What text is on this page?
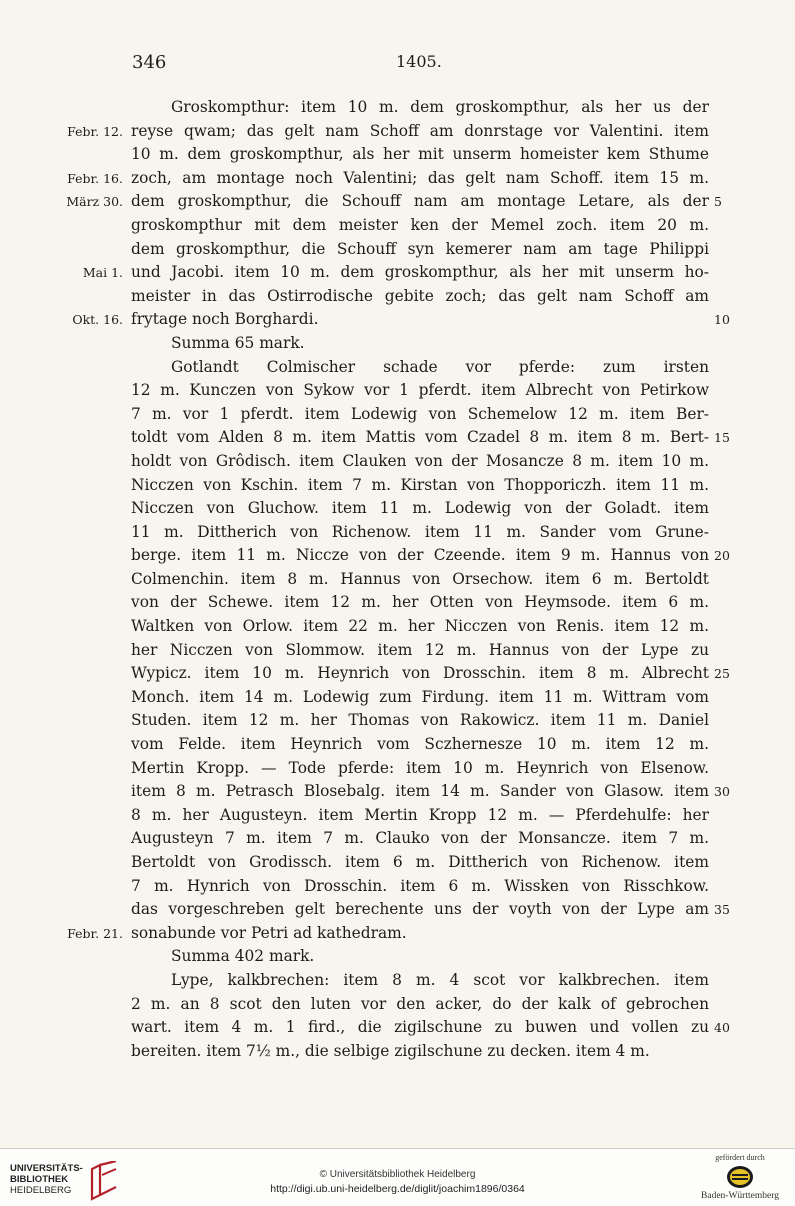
346	1405.
Groskompthur: item 10 m. dem groskompthur, als her us der
Febr. 12. reyse qwam; das gelt nam Schoff am donrstage vor Valentini. item
10 m. dem groskompthur, als her mit unserm homeister kem Sthume
Febr. 16. zoch, am montage noch Valentini; das gelt nam Schoff. item 15 m.
März 30. dem groskompthur, die Schouff nam am montage Letare, als der 5
groskompthur mit dem meister ken der Memel zoch. item 20 m.
dem groskompthur, die Schouff syn kemerer nam am tage Philippi
Mai 1. und Jacobi. item 10 m. dem groskompthur, als her mit unserm ho-
meister in das Ostirrodische gebite zoch; das gelt nam Schoff am
Okt. 16. frytage noch Borghardi.	10
Summa 65 mark.
Gotlandt Colmischer schade vor pferde: zum irsten
12 m. Kunczen von Sykow vor 1 pferdt. item Albrecht von Petirkow
7 m. vor 1 pferdt. item Lodewig von Schemelow 12 m. item Ber-
toldt vom Alden 8 m. item Mattis vom Czadel 8 m. item 8 m. Bert- 15
holdt von Grôdisch. item Clauken von der Mosancze 8 m. item 10 m.
Nicczen von Kschin. item 7 m. Kirstan von Thopporiczh. item 11 m.
Nicczen von Gluchow. item 11 m. Lodewig von der Goladt. item
11 m. Dittherich von Richenow. item 11 m. Sander vom Grune-
berge. item 11 m. Niccze von der Czeende. item 9 m. Hannus von 20
Colmenchin. item 8 m. Hannus von Orsechow. item 6 m. Bertoldt
von der Schewe. item 12 m. her Otten von Heymsode. item 6 m.
Waltken von Orlow. item 22 m. her Nicczen von Renis. item 12 m.
her Nicczen von Slommow. item 12 m. Hannus von der Lype zu
Wypicz. item 10 m. Heynrich von Drosschin. item 8 m. Albrecht 25
Monch. item 14 m. Lodewig zum Firdung. item 11 m. Wittram vom
Studen. item 12 m. her Thomas von Rakowicz. item 11 m. Daniel
vom Felde. item Heynrich vom Sczhernesze 10 m. item 12 m.
Mertin Kropp. — Tode pferde: item 10 m. Heynrich von Elsenow.
item 8 m. Petrasch Blosebalg. item 14 m. Sander von Glasow. item 30
8 m. her Augusteyn. item Mertin Kropp 12 m. — Pferdehulfe: her
Augusteyn 7 m. item 7 m. Clauko von der Monsancze. item 7 m.
Bertoldt von Grodissch. item 6 m. Dittherich von Richenow. item
7 m. Hynrich von Drosschin. item 6 m. Wissken von Risschkow.
das vorgeschreben gelt berechente uns der voyth von der Lype am 35
Febr. 21. sonabunde vor Petri ad kathedram.
Summa 402 mark.
Lype, kalkbrechen: item 8 m. 4 scot vor kalkbrechen. item
2 m. an 8 scot den luten vor den acker, do der kalk of gebrochen
wart. item 4 m. 1 fird., die zigilschune zu buwen und vollen zu 40
bereiten. item 7½ m., die selbige zigilschune zu decken. item 4 m.
UNIVERSITÄTS-
BIBLIOTHEK
HEIDELBERG
© Universitätsbibliothek Heidelberg
http://digi.ub.uni-heidelberg.de/diglit/joachim1896/0364
gefördert durch
Baden-Württemberg
